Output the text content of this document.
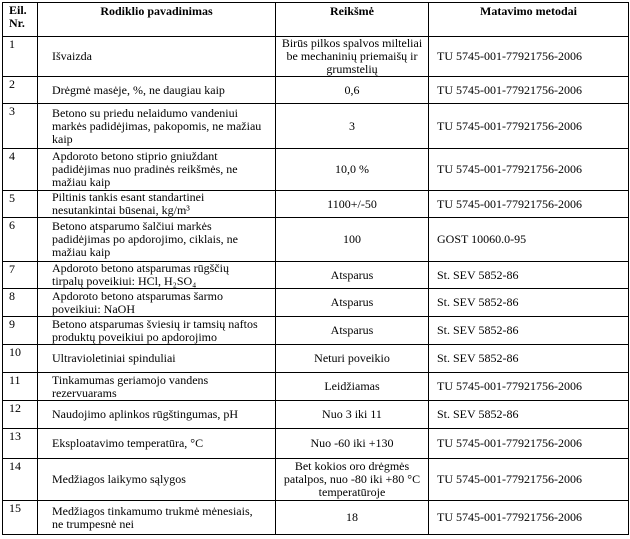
Eil.
Nr.	Rodiklio pavadinimas	Reikšmė	Matavimo metodai
1	Išvaizda	Birūs pilkos spalvos milteliai
be mechaninių priemaišų ir
grumstelių	TU 5745-001-77921756-2006
2	Drėgmė masėje, %, ne daugiau kaip	0,6	TU 5745-001-77921756-2006
3	Betono su priedu nelaidumo vandeniui
markės padidėjimas, pakopomis, ne mažiau
kaip	3	TU 5745-001-77921756-2006
4	Apdoroto betono stiprio gniuždant
padidėjimas nuo pradinės reikšmės, ne
mažiau kaip	10,0 %	TU 5745-001-77921756-2006
5	Piltinis tankis esant standartinei
nesutankintai būsenai, kg/m³	1100+/-50	TU 5745-001-77921756-2006
6	Betono atsparumo šalčiui markės
padidėjimas po apdorojimo, ciklais, ne
mažiau kaip	100	GOST 10060.0-95
7	Apdoroto betono atsparumas rūgščių
tirpalų poveikiui: HCl, H₂SO₄	Atsparus	St. SEV 5852-86
8	Apdoroto betono atsparumas šarmo
poveikiui: NaOH	Atsparus	St. SEV 5852-86
9	Betono atsparumas šviesių ir tamsių naftos
produktų poveikiui po apdorojimo	Atsparus	St. SEV 5852-86
10	Ultravioletiniai spinduliai	Neturi poveikio	St. SEV 5852-86
11	Tinkamumas geriamojo vandens
rezervuarams	Leidžiamas	TU 5745-001-77921756-2006
12	Naudojimo aplinkos rūgštingumas, pH	Nuo 3 iki 11	St. SEV 5852-86
13	Eksploatavimo temperatūra, °C	Nuo -60 iki +130	TU 5745-001-77921756-2006
14	Medžiagos laikymo sąlygos	Bet kokios oro drėgmės
patalpos, nuo -80 iki +80 °C
temperatūroje	TU 5745-001-77921756-2006
15	Medžiagos tinkamumo trukmė mėnesiais,
ne trumpesnė nei	18	TU 5745-001-77921756-2006
